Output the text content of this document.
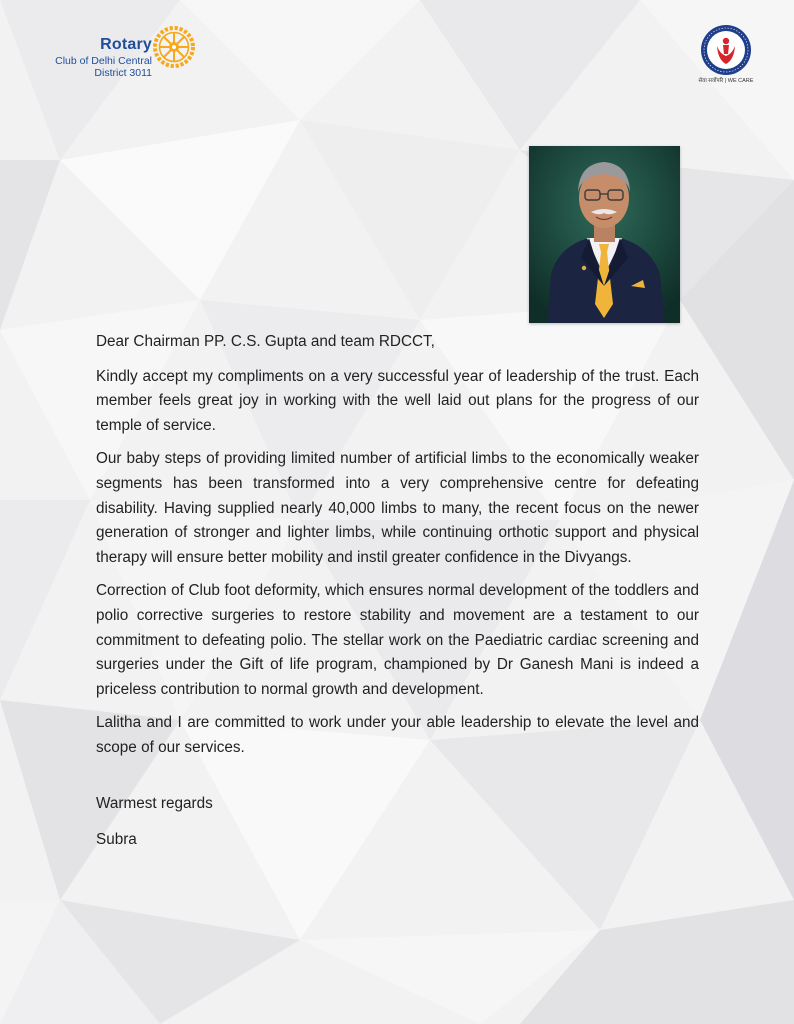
Rotary
Club of Delhi Central
District 3011
सेवा सर्वोपरि | WE CARE

Dear Chairman PP. C.S. Gupta and team RDCCT,

Kindly accept my compliments on a very successful year of leadership of the trust. Each member feels great joy in working with the well laid out plans for the progress of our temple of service.

Our baby steps of providing limited number of artificial limbs to the economically weaker segments has been transformed into a very comprehensive centre for defeating disability. Having supplied nearly 40,000 limbs to many, the recent focus on the newer generation of stronger and lighter limbs, while continuing orthotic support and physical therapy will ensure better mobility and instil greater confidence in the Divyangs.

Correction of Club foot deformity, which ensures normal development of the toddlers and polio corrective surgeries to restore stability and movement are a testament to our commitment to defeating polio. The stellar work on the Paediatric cardiac screening and surgeries under the Gift of life program, championed by Dr Ganesh Mani is indeed a priceless contribution to normal growth and development.

Lalitha and I are committed to work under your able leadership to elevate the level and scope of our services.

Warmest regards

Subra
